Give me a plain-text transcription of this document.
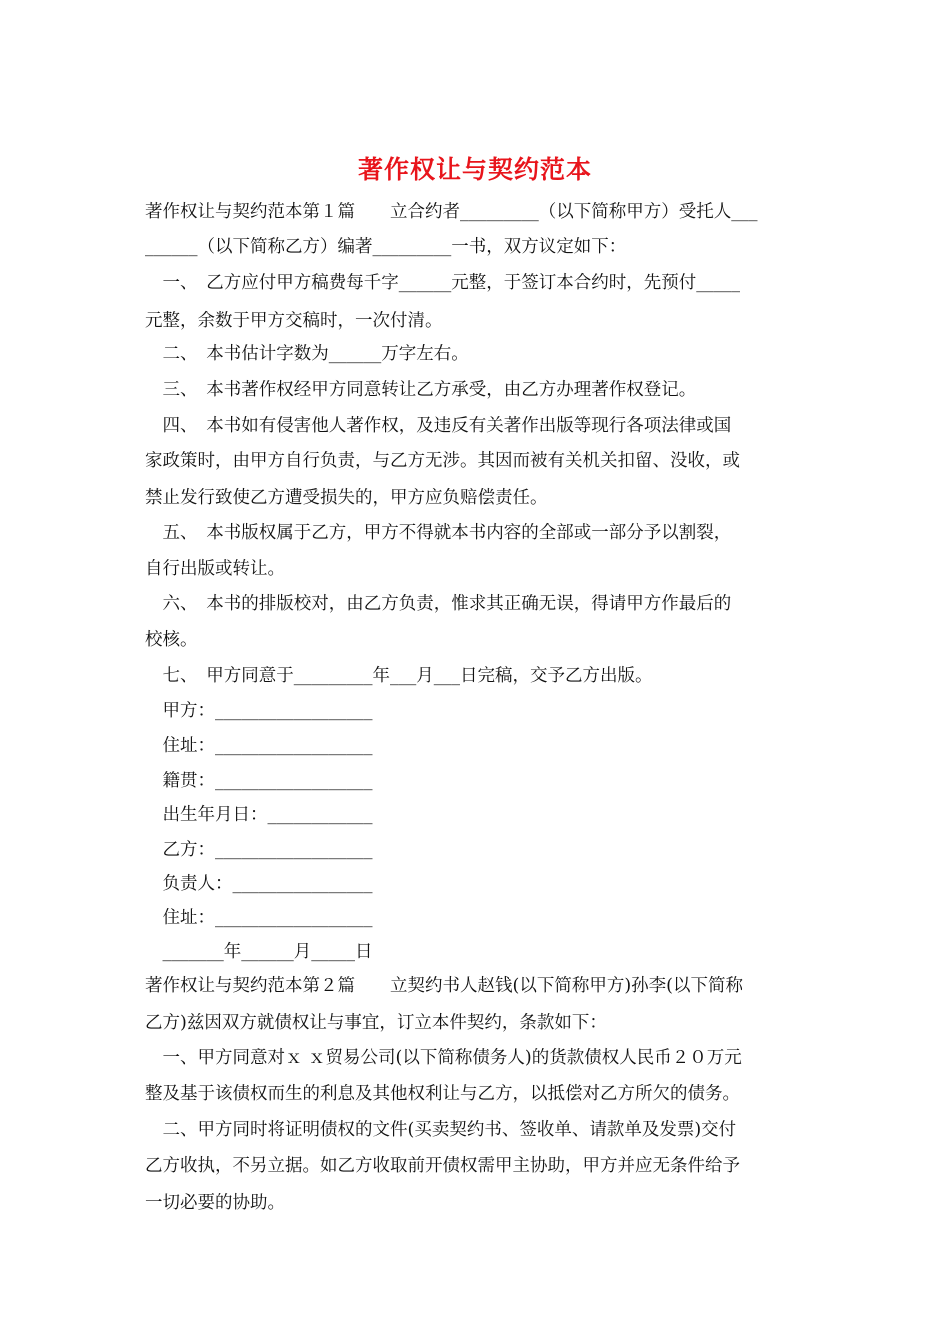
著作权让与契约范本
著作权让与契约范本第１篇　　立合约者_________（以下简称甲方）受托人___
______（以下简称乙方）编著_________一书，双方议定如下：
　一、　乙方应付甲方稿费每千字______元整，于签订本合约时，先预付_____
元整，余数于甲方交稿时，一次付清。
　二、　本书估计字数为______万字左右。
　三、　本书著作权经甲方同意转让乙方承受，由乙方办理著作权登记。
　四、　本书如有侵害他人著作权，及违反有关著作出版等现行各项法律或国
家政策时，由甲方自行负责，与乙方无涉。其因而被有关机关扣留、没收，或
禁止发行致使乙方遭受损失的，甲方应负赔偿责任。
　五、　本书版权属于乙方，甲方不得就本书内容的全部或一部分予以割裂，
自行出版或转让。
　六、　本书的排版校对，由乙方负责，惟求其正确无误，得请甲方作最后的
校核。
　七、　甲方同意于_________年___月___日完稿，交予乙方出版。
　甲方：__________________
　住址：__________________
　籍贯：__________________
　出生年月日：____________
　乙方：__________________
　负责人：________________
　住址：__________________
　_______年______月_____日
著作权让与契约范本第２篇　　立契约书人赵钱(以下简称甲方)孙李(以下简称
乙方)兹因双方就债权让与事宜，订立本件契约，条款如下：
　一、甲方同意对ｘ ｘ贸易公司(以下简称债务人)的货款债权人民币２０万元
整及基于该债权而生的利息及其他权利让与乙方，以抵偿对乙方所欠的债务。
　二、甲方同时将证明债权的文件(买卖契约书、签收单、请款单及发票)交付
乙方收执，不另立据。如乙方收取前开债权需甲主协助，甲方并应无条件给予
一切必要的协助。
